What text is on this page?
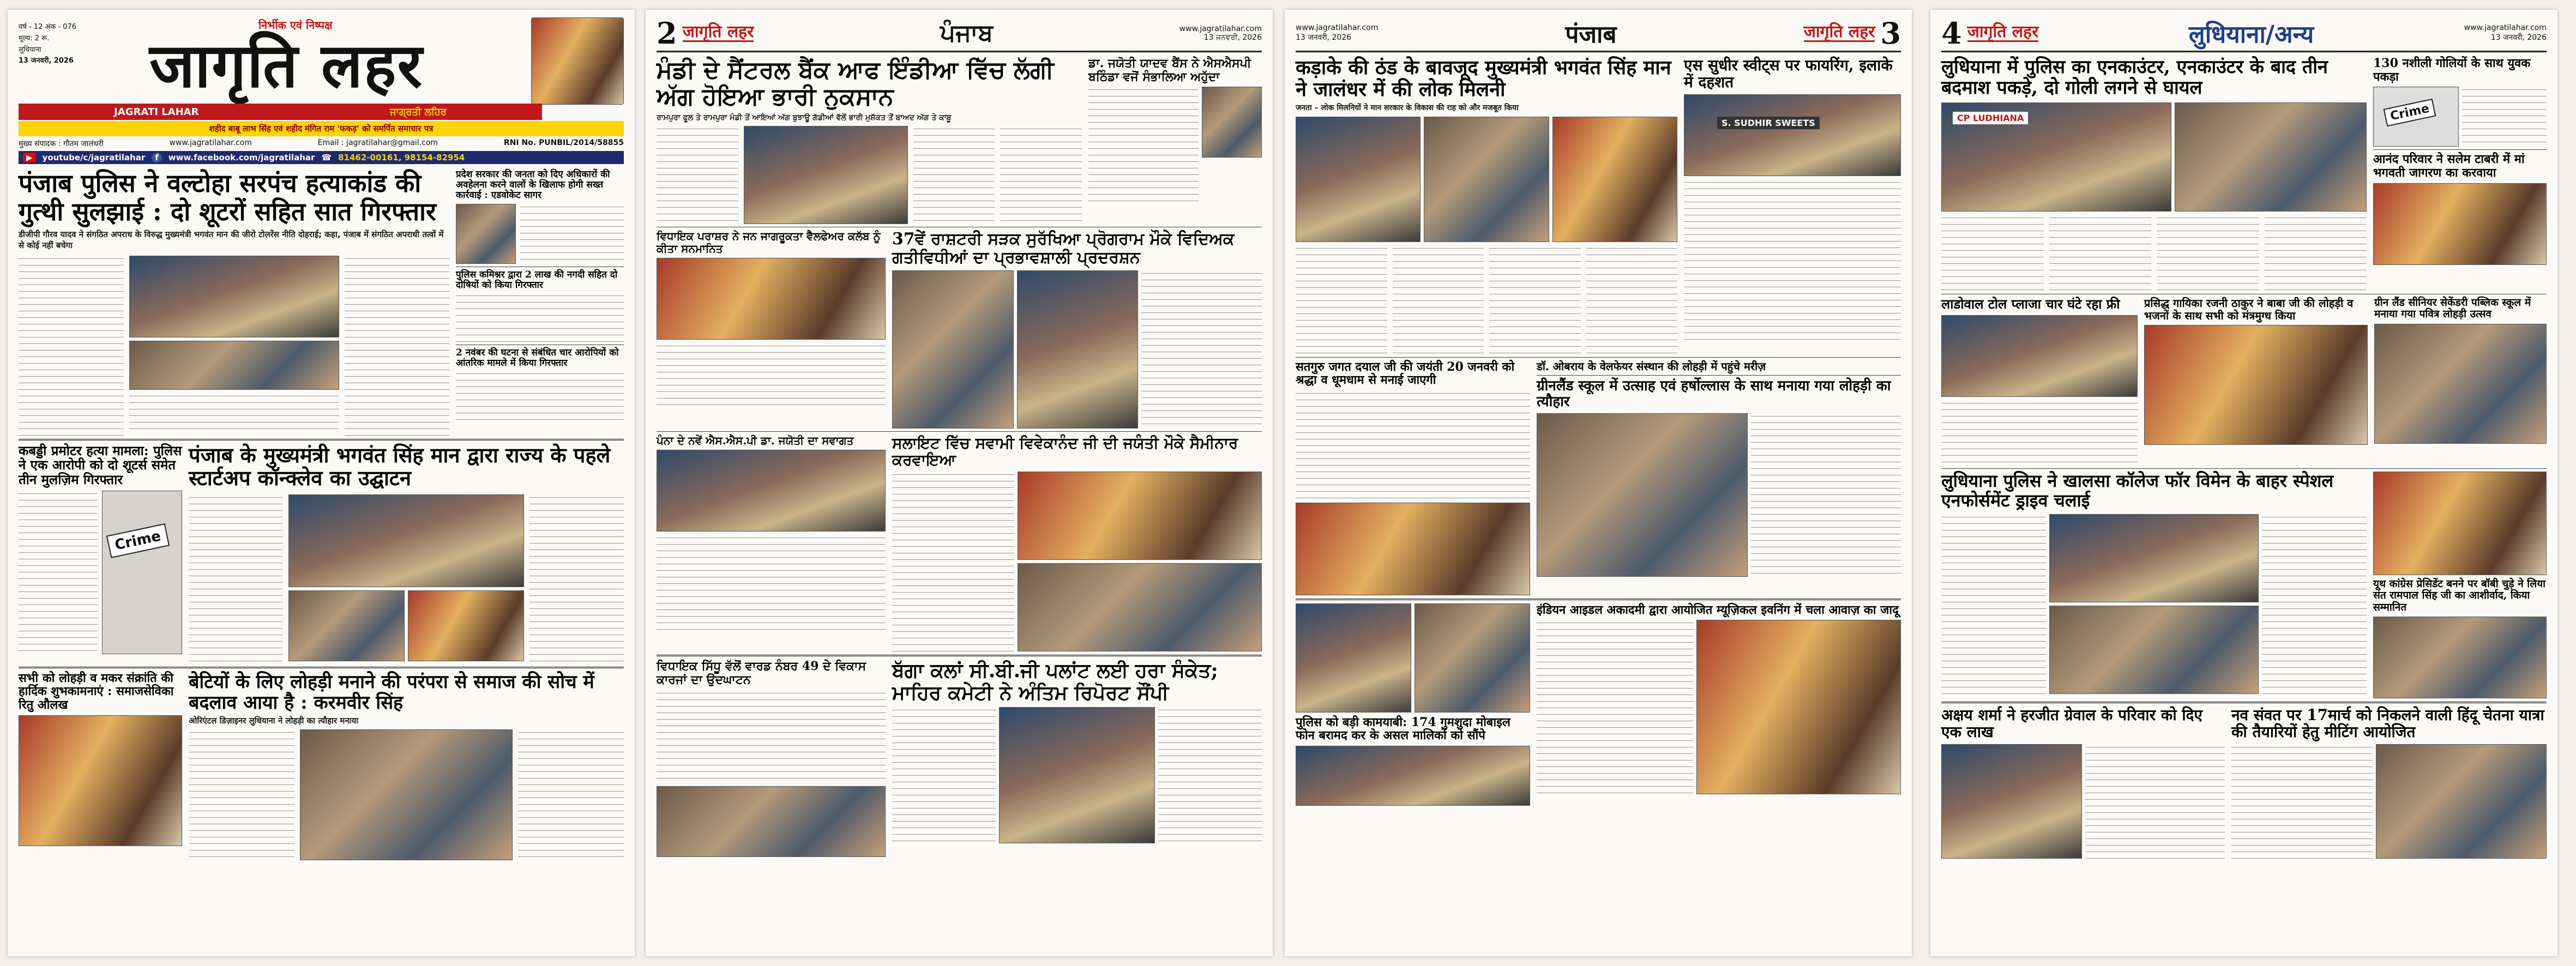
वर्ष - 12 अंक - 076
मूल्य: 2 रू.
लुधियाना
13 जनवरी, 2026
निर्भीक एवं निष्पक्ष
जागृति लहर
JAGRATI LAHAR	ਜਾਗ੍ਰਤੀ ਲਹਿਰ
शहीद बाबू लाभ सिंह एवं शहीद मंगित राम 'फकड़' को समर्पित समाचार पत्र
मुख्य संपादक : गौतम जालंधरी	www.jagratilahar.com	Email : jagratilahar@gmail.com	RNI No. PUNBIL/2014/58855
▶	youtube/c/jagratilahar	f	www.facebook.com/jagratilahar ☎ 81462-00161, 98154-82954
पंजाब पुलिस ने वल्टोहा सरपंच हत्याकांड की गुत्थी सुलझाई : दो शूटरों सहित सात गिरफ्तार
डीजीपी गौरव यादव ने संगठित अपराध के विरुद्ध मुख्यमंत्री भगवंत मान की जीरो टोलरेंस नीति दोहराई; कहा, पंजाब में संगठित अपराधी तत्वों में से कोई नहीं बचेगा
प्रदेश सरकार की जनता को दिए अधिकारों की अवहेलना करने वालों के खिलाफ होगी सख्त कार्रवाई : एडवोकेट सागर
पुलिस कमिश्नर द्वारा 2 लाख की नगदी सहित दो दोषियों को किया गिरफ्तार
2 नवंबर की घटना से संबंधित चार आरोपियों को आंतरिक मामले में किया गिरफ्तार
कबड्डी प्रमोटर हत्या मामला: पुलिस ने एक आरोपी को दो शूटर्स समेत तीन मुलज़िम गिरफ्तार
Crime
पंजाब के मुख्यमंत्री भगवंत सिंह मान द्वारा राज्य के पहले स्टार्टअप कॉन्क्लेव का उद्घाटन
सभी को लोहड़ी व मकर संक्रांति की हार्दिक शुभकामनाएं : समाजसेविका रितु औलख
बेटियों के लिए लोहड़ी मनाने की परंपरा से समाज की सोच में बदलाव आया है : करमवीर सिंह
ओरिएंटल डिज़ाइनर लुधियाना ने लोहड़ी का त्यौहार मनाया
2 जागृति लहर	ਪੰਜਾਬ	www.jagratilahar.com
13 ਜਨਵਰੀ, 2026
ਮੰਡੀ ਦੇ ਸੈਂਟਰਲ ਬੈਂਕ ਆਫ ਇੰਡੀਆ ਵਿੱਚ ਲੱਗੀ ਅੱਗ ਹੋਇਆ ਭਾਰੀ ਨੁਕਸਾਨ
ਰਾਮਪੁਰਾ ਫੂਲ ਤੇ ਰਾਮਪੁਰਾ ਮੰਡੀ ਤੋਂ ਆਇਆਂ ਅੱਗ ਬੁਝਾਊ ਗੱਡੀਆਂ ਵੱਲੋਂ ਭਾਰੀ ਮੁਸ਼ੱਕਤ ਤੋਂ ਬਾਅਦ ਅੱਗ ਤੇ ਕਾਬੂ
ਡਾ. ਜਯੋਤੀ ਯਾਦਵ ਬੈਂਸ ਨੇ ਐਸਐਸਪੀ ਬਠਿੰਡਾ ਵਜੋਂ ਸੰਭਾਲਿਆ ਅਹੁੱਦਾ
ਵਿਧਾਇਕ ਪਰਾਸ਼ਰ ਨੇ ਜਨ ਜਾਗਰੂਕਤਾ ਵੈਲਫੇਅਰ ਕਲੱਬ ਨੂੰ ਕੀਤਾ ਸਨਮਾਨਿਤ	37ਵੇਂ ਰਾਸ਼ਟਰੀ ਸੜਕ ਸੁਰੱਖਿਆ ਪ੍ਰੋਗਰਾਮ ਮੌਕੇ ਵਿਦਿਅਕ ਗਤੀਵਿਧੀਆਂ ਦਾ ਪ੍ਰਭਾਵਸ਼ਾਲੀ ਪ੍ਰਦਰਸ਼ਨ
ਪੰਨਾ ਦੇ ਨਵੇਂ ਐਸ.ਐਸ.ਪੀ ਡਾ. ਜਯੋਤੀ ਦਾ ਸਵਾਗਤ	ਸਲਾਇਟ ਵਿੱਚ ਸਵਾਮੀ ਵਿਵੇਕਾਨੰਦ ਜੀ ਦੀ ਜਯੰਤੀ ਮੌਕੇ ਸੈਮੀਨਾਰ ਕਰਵਾਇਆ
ਵਿਧਾਇਕ ਸਿੱਧੂ ਵੱਲੋਂ ਵਾਰਡ ਨੰਬਰ 49 ਦੇ ਵਿਕਾਸ ਕਾਰਜਾਂ ਦਾ ਉਦਘਾਟਨ	ਬੱਗਾ ਕਲਾਂ ਸੀ.ਬੀ.ਜੀ ਪਲਾਂਟ ਲਈ ਹਰਾ ਸੰਕੇਤ; ਮਾਹਿਰ ਕਮੇਟੀ ਨੇ ਅੰਤਿਮ ਰਿਪੋਰਟ ਸੌਂਪੀ
www.jagratilahar.com
13 जनवरी, 2026	पंजाब	जागृति लहर 3
कड़ाके की ठंड के बावजूद मुख्यमंत्री भगवंत सिंह मान ने जालंधर में की लोक मिलनी
जनता – लोक मिलनियों ने मान सरकार के विकास की राह को और मजबूत किया
एस सुधीर स्वीट्स पर फायरिंग, इलाके में दहशत
S. SUDHIR SWEETS
सतगुरु जगत दयाल जी की जयंती 20 जनवरी को श्रद्धा व धूमधाम से मनाई जाएगी
डॉ. ओबराय के वेलफेयर संस्थान की लोहड़ी में पहुंचे मरीज़
ग्रीनलैंड स्कूल में उत्साह एवं हर्षोल्लास के साथ मनाया गया लोहड़ी का त्यौहार
पुलिस को बड़ी कामयाबी: 174 गुमशुदा मोबाइल फोन बरामद कर के असल मालिकों को सौंपे
इंडियन आइडल अकादमी द्वारा आयोजित म्यूज़िकल इवनिंग में चला आवाज़ का जादू
4 जागृति लहर	लुधियाना/अन्य	www.jagratilahar.com
13 जनवरी, 2026
लुधियाना में पुलिस का एनकाउंटर, एनकाउंटर के बाद तीन बदमाश पकड़े, दो गोली लगने से घायल
CP LUDHIANA
130 नशीली गोलियों के साथ युवक पकड़ा
Crime
आनंद परिवार ने सलेम टाबरी में मां भगवती जागरण का करवाया
लाडोवाल टोल प्लाजा चार घंटे रहा फ्री	प्रसिद्ध गायिका रजनी ठाकुर ने बाबा जी की लोहड़ी व भजनों के साथ सभी को मंत्रमुग्ध किया
ग्रीन लैंड सीनियर सेकेंडरी पब्लिक स्कूल में मनाया गया पवित्र लोहड़ी उत्सव
लुधियाना पुलिस ने खालसा कॉलेज फॉर विमेन के बाहर स्पेशल एनफोर्समेंट ड्राइव चलाई
यूथ कांग्रेस प्रेसिडेंट बनने पर बॉबी चुड़े ने लिया संत रामपाल सिंह जी का आशीर्वाद, किया सम्मानित
अक्षय शर्मा ने हरजीत ग्रेवाल के परिवार को दिए एक लाख
नव संवत पर 17मार्च को निकलने वाली हिंदू चेतना यात्रा की तैयारियों हेतु मीटिंग आयोजित
